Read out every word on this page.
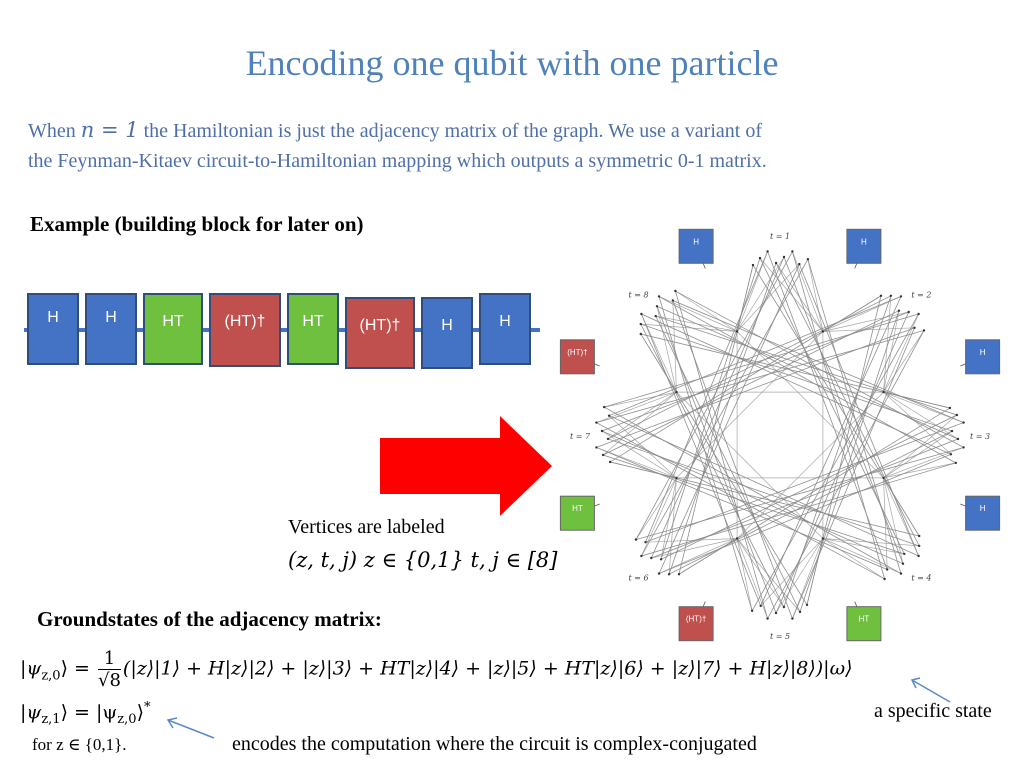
Encoding one qubit with one particle
When n = 1 the Hamiltonian is just the adjacency matrix of the graph. We use a variant of
the Feynman-Kitaev circuit-to-Hamiltonian mapping which outputs a symmetric 0-1 matrix.
Example (building block for later on)
H	H	HT	(HT)† HT (HT)†	H	H
t = 1
t = 2
t = 3
t = 4
t = 5
t = 6
t = 7
t = 8
H	H
H
H
HT
(HT)†
HT
(HT)†
Vertices are labeled
(z, t, j) z ∈ {0,1} t, j ∈ [8]
Groundstates of the adjacency matrix:
$|\psi_{z,0}⟩ = \frac{1}{√8}$ (|z⟩|1⟩ + H|z⟩|2⟩ + |z⟩|3⟩ + HT|z⟩|4⟩ + |z⟩|5⟩ + HT|z⟩|6⟩ + |z⟩|7⟩ + H|z⟩|8⟩)|ω⟩
$|\psi_{z,1}⟩$ = $|\psi_{z,0}⟩^*$
for z ∈ {0,1}.	encodes the computation where the circuit is complex-conjugated
a specific state
